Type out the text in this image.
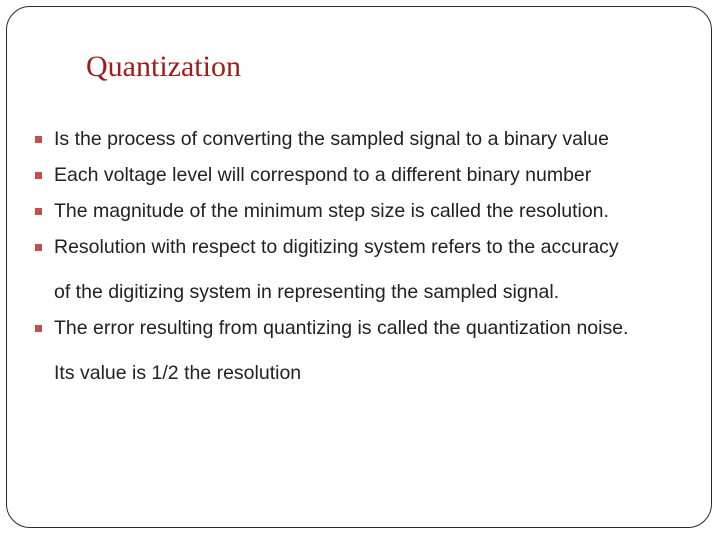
Quantization
Is the process of converting the sampled signal to a binary value
Each voltage level will correspond to a different binary number
The magnitude of the minimum step size is called the resolution.
Resolution with respect to digitizing system refers to the accuracy
of the digitizing system in representing the sampled signal.
The error resulting from quantizing is called the quantization noise.
Its value is 1/2 the resolution
